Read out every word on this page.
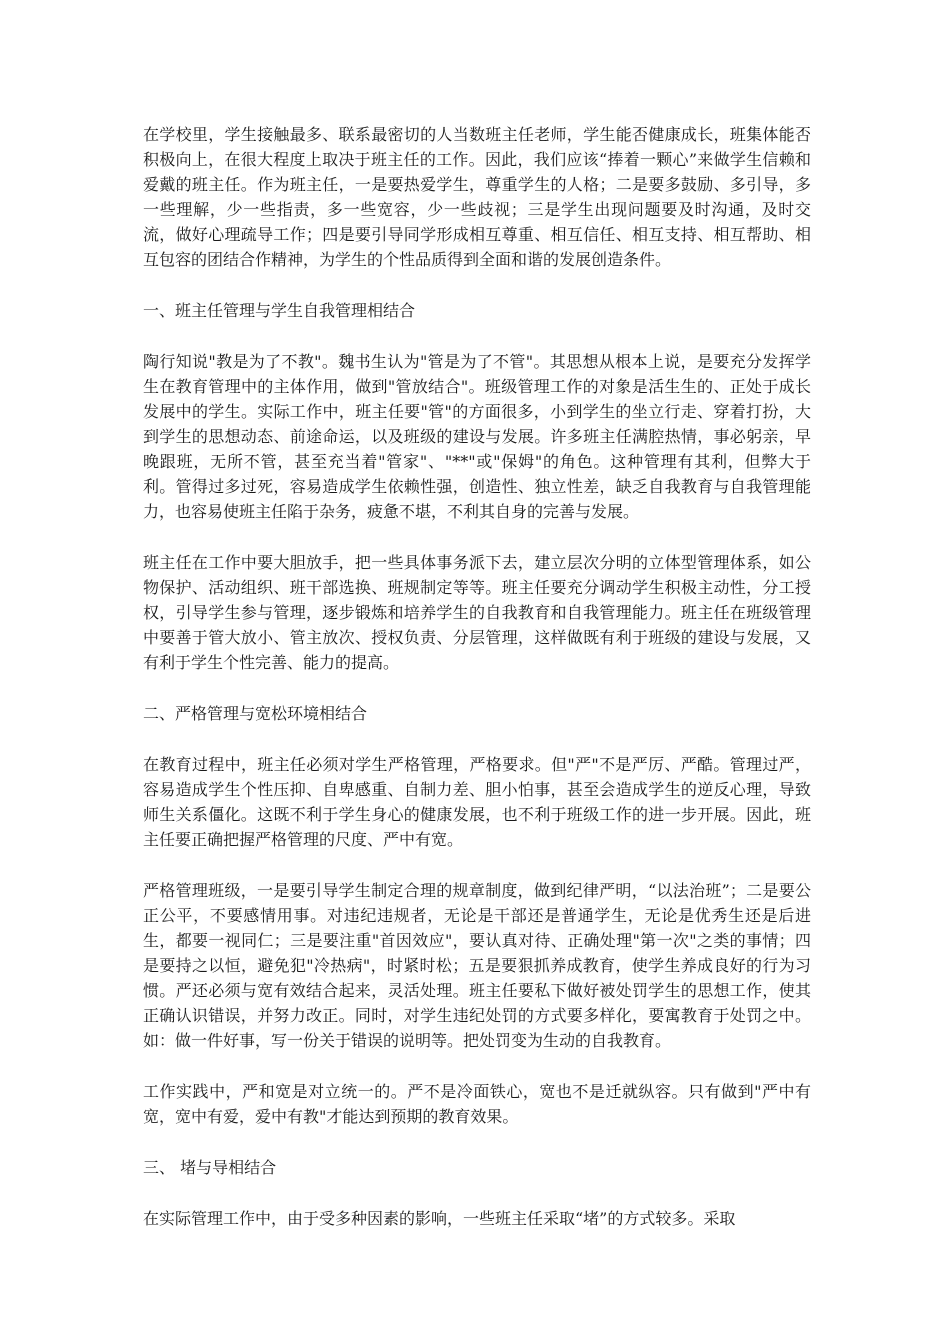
在学校里，学生接触最多、联系最密切的人当数班主任老师，学生能否健康成长，班集体能否积极向上，在很大程度上取决于班主任的工作。因此，我们应该“捧着一颗心”来做学生信赖和爱戴的班主任。作为班主任，一是要热爱学生，尊重学生的人格；二是要多鼓励、多引导，多一些理解，少一些指责，多一些宽容，少一些歧视；三是学生出现问题要及时沟通，及时交流，做好心理疏导工作；四是要引导同学形成相互尊重、相互信任、相互支持、相互帮助、相互包容的团结合作精神，为学生的个性品质得到全面和谐的发展创造条件。

一、班主任管理与学生自我管理相结合

陶行知说"教是为了不教"。魏书生认为"管是为了不管"。其思想从根本上说，是要充分发挥学生在教育管理中的主体作用，做到"管放结合"。班级管理工作的对象是活生生的、正处于成长发展中的学生。实际工作中，班主任要"管"的方面很多，小到学生的坐立行走、穿着打扮，大到学生的思想动态、前途命运，以及班级的建设与发展。许多班主任满腔热情，事必躬亲，早晚跟班，无所不管，甚至充当着"管家"、"**"或"保姆"的角色。这种管理有其利，但弊大于利。管得过多过死，容易造成学生依赖性强，创造性、独立性差，缺乏自我教育与自我管理能力，也容易使班主任陷于杂务，疲惫不堪，不利其自身的完善与发展。

班主任在工作中要大胆放手，把一些具体事务派下去，建立层次分明的立体型管理体系，如公物保护、活动组织、班干部选换、班规制定等等。班主任要充分调动学生积极主动性，分工授权，引导学生参与管理，逐步锻炼和培养学生的自我教育和自我管理能力。班主任在班级管理中要善于管大放小、管主放次、授权负责、分层管理，这样做既有利于班级的建设与发展，又有利于学生个性完善、能力的提高。

二、严格管理与宽松环境相结合

在教育过程中，班主任必须对学生严格管理，严格要求。但"严"不是严厉、严酷。管理过严，容易造成学生个性压抑、自卑感重、自制力差、胆小怕事，甚至会造成学生的逆反心理，导致师生关系僵化。这既不利于学生身心的健康发展，也不利于班级工作的进一步开展。因此，班主任要正确把握严格管理的尺度、严中有宽。

严格管理班级，一是要引导学生制定合理的规章制度，做到纪律严明，“以法治班”；二是要公正公平，不要感情用事。对违纪违规者，无论是干部还是普通学生，无论是优秀生还是后进生，都要一视同仁；三是要注重"首因效应"，要认真对待、正确处理"第一次"之类的事情；四是要持之以恒，避免犯"冷热病"，时紧时松；五是要狠抓养成教育，使学生养成良好的行为习惯。严还必须与宽有效结合起来，灵活处理。班主任要私下做好被处罚学生的思想工作，使其正确认识错误，并努力改正。同时，对学生违纪处罚的方式要多样化，要寓教育于处罚之中。如：做一件好事，写一份关于错误的说明等。把处罚变为生动的自我教育。

工作实践中，严和宽是对立统一的。严不是冷面铁心，宽也不是迁就纵容。只有做到"严中有宽，宽中有爱，爱中有教"才能达到预期的教育效果。

三、 堵与导相结合

在实际管理工作中，由于受多种因素的影响，一些班主任采取“堵”的方式较多。采取
